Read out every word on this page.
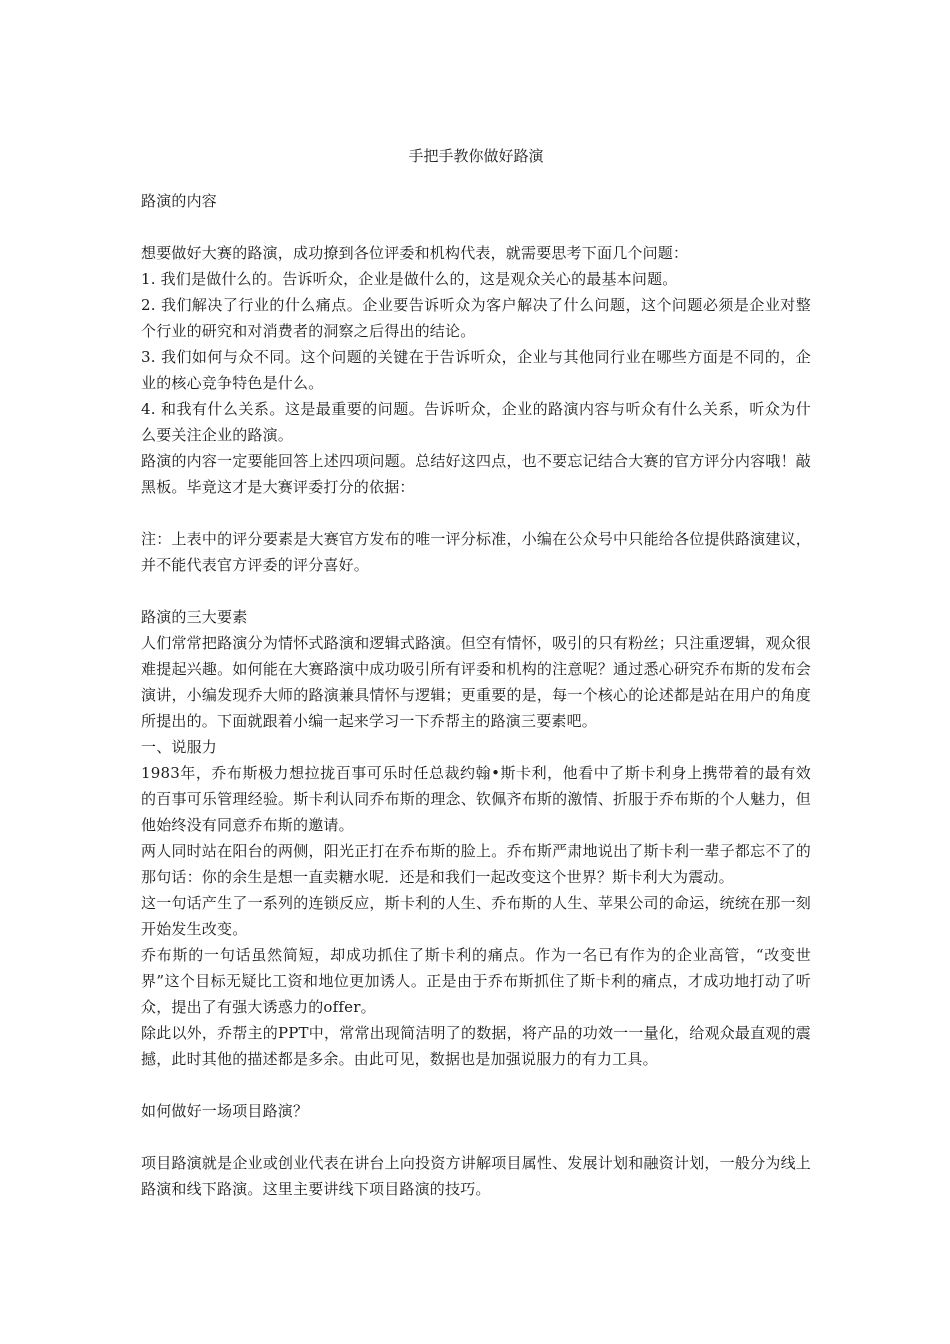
手把手教你做好路演

路演的内容

想要做好大赛的路演，成功撩到各位评委和机构代表，就需要思考下面几个问题：

1. 我们是做什么的。告诉听众，企业是做什么的，这是观众关心的最基本问题。

2. 我们解决了行业的什么痛点。企业要告诉听众为客户解决了什么问题，这个问题必须是企业对整个行业的研究和对消费者的洞察之后得出的结论。

3. 我们如何与众不同。这个问题的关键在于告诉听众，企业与其他同行业在哪些方面是不同的，企业的核心竞争特色是什么。

4. 和我有什么关系。这是最重要的问题。告诉听众，企业的路演内容与听众有什么关系，听众为什么要关注企业的路演。

路演的内容一定要能回答上述四项问题。总结好这四点，也不要忘记结合大赛的官方评分内容哦！敲黑板。毕竟这才是大赛评委打分的依据：

注：上表中的评分要素是大赛官方发布的唯一评分标准，小编在公众号中只能给各位提供路演建议，并不能代表官方评委的评分喜好。

路演的三大要素

人们常常把路演分为情怀式路演和逻辑式路演。但空有情怀，吸引的只有粉丝；只注重逻辑，观众很难提起兴趣。如何能在大赛路演中成功吸引所有评委和机构的注意呢？通过悉心研究乔布斯的发布会演讲，小编发现乔大师的路演兼具情怀与逻辑；更重要的是，每一个核心的论述都是站在用户的角度所提出的。下面就跟着小编一起来学习一下乔帮主的路演三要素吧。

一、说服力

1983年，乔布斯极力想拉拢百事可乐时任总裁约翰•斯卡利，他看中了斯卡利身上携带着的最有效的百事可乐管理经验。斯卡利认同乔布斯的理念、钦佩齐布斯的激情、折服于乔布斯的个人魅力，但他始终没有同意乔布斯的邀请。

两人同时站在阳台的两侧，阳光正打在乔布斯的脸上。乔布斯严肃地说出了斯卡利一辈子都忘不了的那句话：你的余生是想一直卖糖水呢．还是和我们一起改变这个世界？斯卡利大为震动。

这一句话产生了一系列的连锁反应，斯卡利的人生、乔布斯的人生、苹果公司的命运，统统在那一刻开始发生改变。

乔布斯的一句话虽然简短，却成功抓住了斯卡利的痛点。作为一名已有作为的企业高管，“改变世界”这个目标无疑比工资和地位更加诱人。正是由于乔布斯抓住了斯卡利的痛点，才成功地打动了听众，提出了有强大诱惑力的offer。

除此以外，乔帮主的PPT中，常常出现简洁明了的数据，将产品的功效一一量化，给观众最直观的震撼，此时其他的描述都是多余。由此可见，数据也是加强说服力的有力工具。

如何做好一场项目路演？

项目路演就是企业或创业代表在讲台上向投资方讲解项目属性、发展计划和融资计划，一般分为线上路演和线下路演。这里主要讲线下项目路演的技巧。
